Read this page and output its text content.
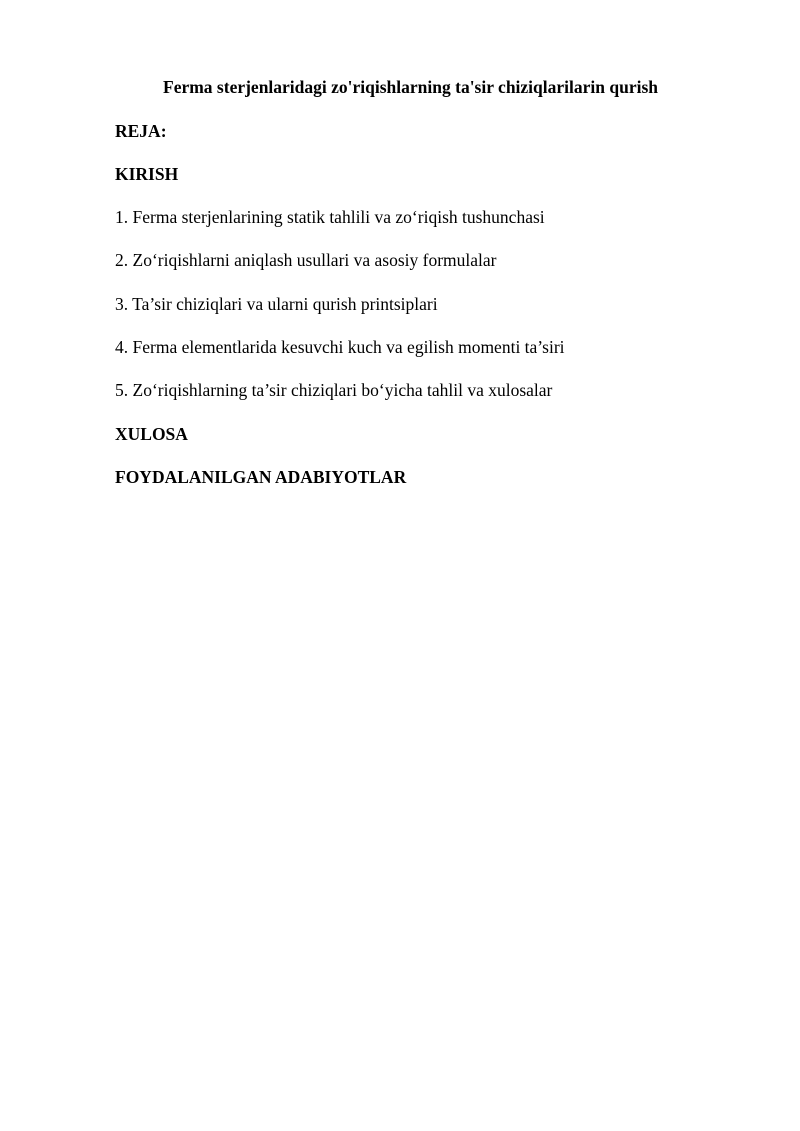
Ferma sterjenlaridagi zo'riqishlarning ta'sir chiziqlarilarin qurish
REJA:
KIRISH
1. Ferma sterjenlarining statik tahlili va zo‘riqish tushunchasi
2. Zo‘riqishlarni aniqlash usullari va asosiy formulalar
3. Ta’sir chiziqlari va ularni qurish printsiplari
4. Ferma elementlarida kesuvchi kuch va egilish momenti ta’siri
5. Zo‘riqishlarning ta’sir chiziqlari bo‘yicha tahlil va xulosalar
XULOSA
FOYDALANILGAN ADABIYOTLAR
